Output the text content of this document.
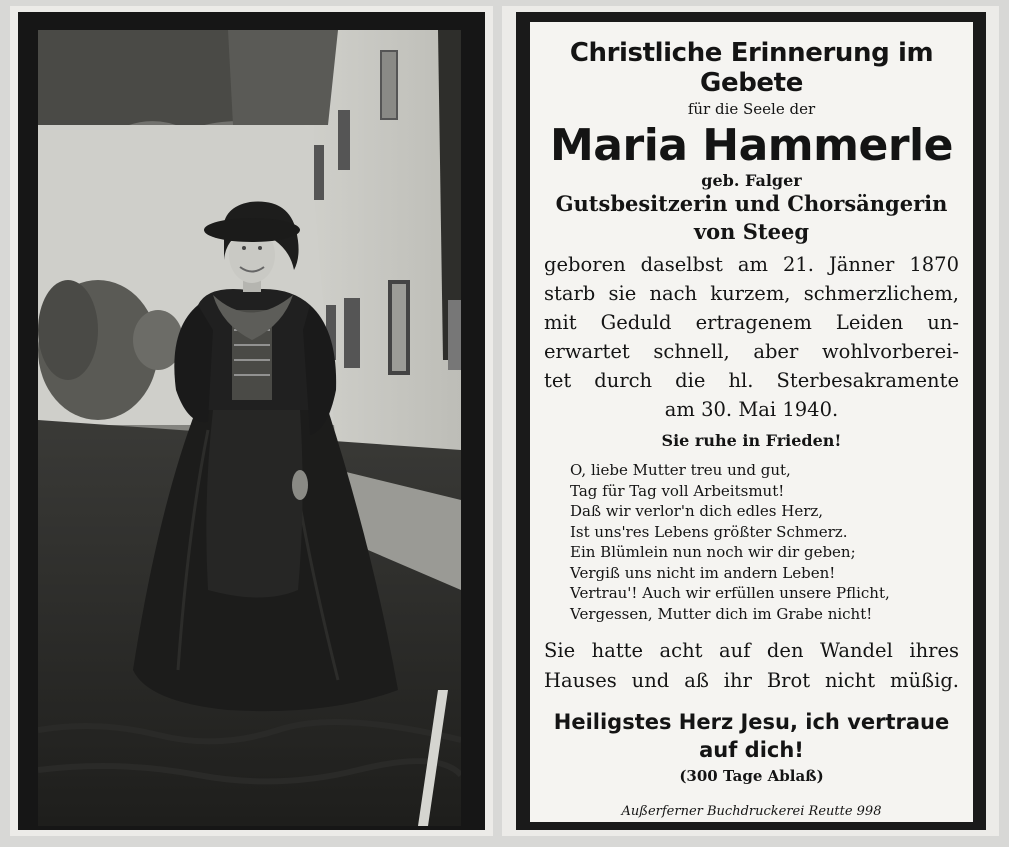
Christliche Erinnerung im Gebete
für die Seele der
Maria Hammerle
geb. Falger
Gutsbesitzerin und Chorsängerin
von Steeg
geboren daselbst am 21. Jänner 1870
starb sie nach kurzem, schmerzlichem,
mit Geduld ertragenem Leiden un-
erwartet schnell, aber wohlvorberei-
tet durch die hl. Sterbesakramente
am 30. Mai 1940.
Sie ruhe in Frieden!
O, liebe Mutter treu und gut,
Tag für Tag voll Arbeitsmut!
Daß wir verlor'n dich edles Herz,
Ist uns'res Lebens größter Schmerz.
Ein Blümlein nun noch wir dir geben;
Vergiß uns nicht im andern Leben!
Vertrau'! Auch wir erfüllen unsere Pflicht,
Vergessen, Mutter dich im Grabe nicht!
Sie hatte acht auf den Wandel ihres
Hauses und aß ihr Brot nicht müßig.
Heiligstes Herz Jesu, ich vertraue
auf dich!
(300 Tage Ablaß)
Außerferner Buchdruckerei Reutte 998
